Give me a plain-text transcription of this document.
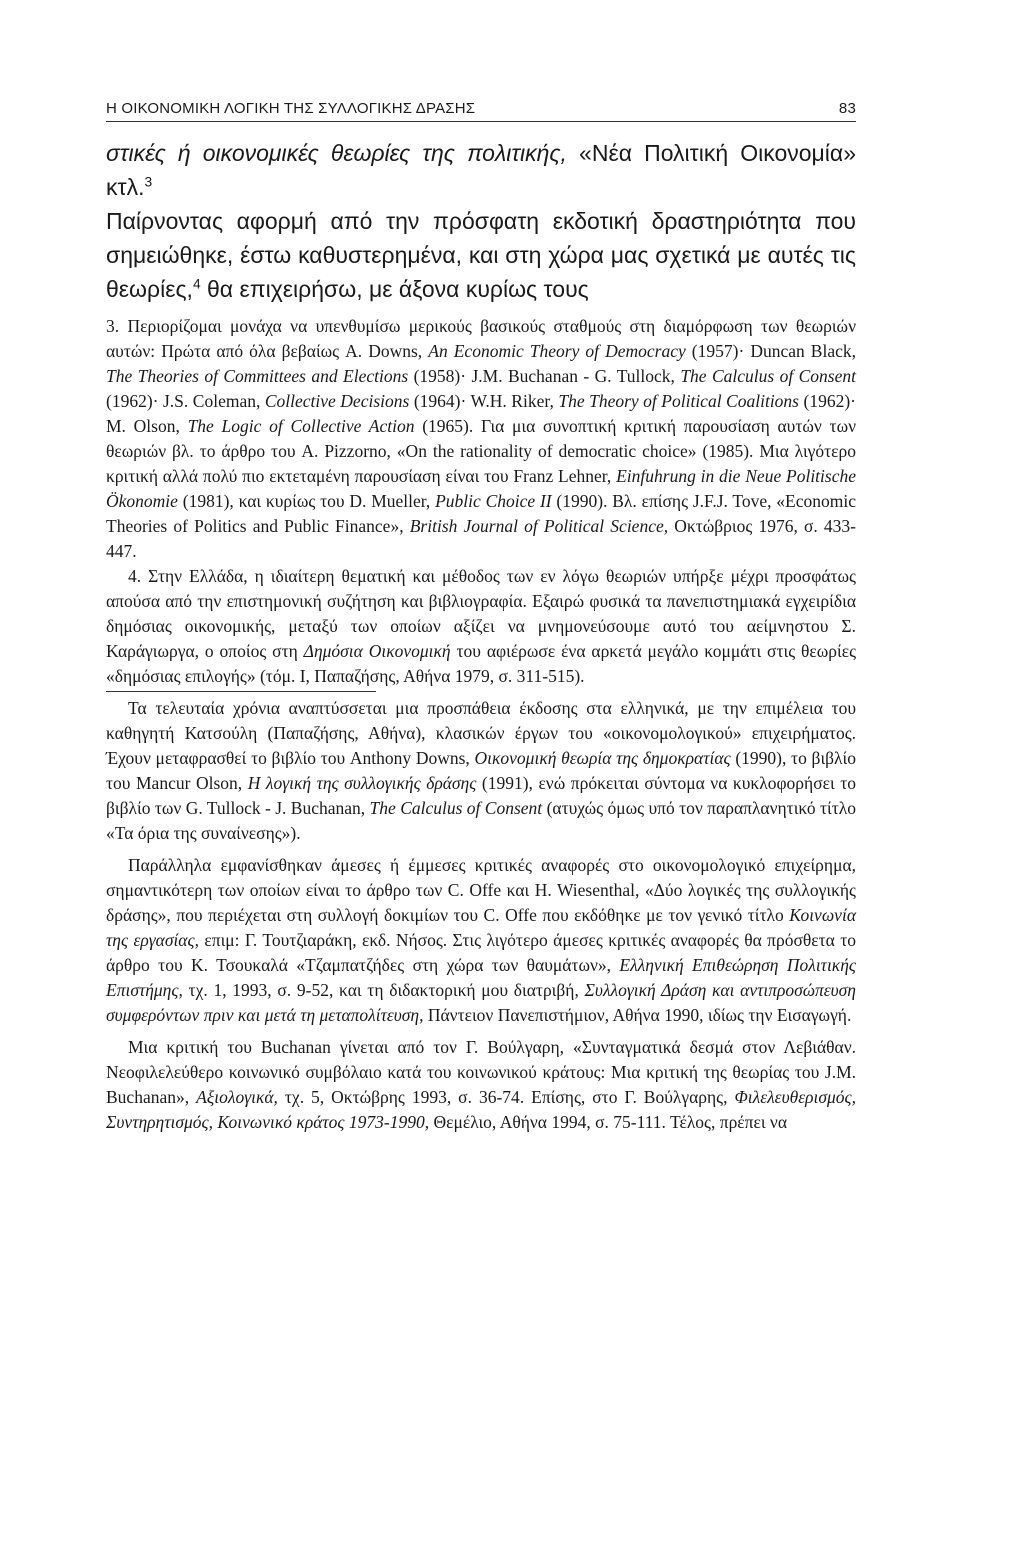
Η ΟΙΚΟΝΟΜΙΚΗ ΛΟΓΙΚΗ ΤΗΣ ΣΥΛΛΟΓΙΚΗΣ ΔΡΑΣΗΣ	83

στικές ή οικονομικές θεωρίες της πολιτικής, «Νέα Πολιτική Οικονομία» κτλ.$^3$

Παίρνοντας αφορμή από την πρόσφατη εκδοτική δραστηριότητα που σημειώθηκε, έστω καθυστερημένα, και στη χώρα μας σχετικά με αυτές τις θεωρίες,$^4$ θα επιχειρήσω, με άξονα κυρίως τους

3. Περιορίζομαι μονάχα να υπενθυμίσω μερικούς βασικούς σταθμούς στη διαμόρφωση των θεωριών αυτών: Πρώτα από όλα βεβαίως A. Downs, An Economic Theory of Democracy (1957)· Duncan Black, The Theories of Committees and Elections (1958)· J.M. Buchanan - G. Tullock, The Calculus of Consent (1962)· J.S. Coleman, Collective Decisions (1964)· W.H. Riker, The Theory of Political Coalitions (1962)· M. Olson, The Logic of Collective Action (1965). Για μια συνοπτική κριτική παρουσίαση αυτών των θεωριών βλ. το άρθρο του A. Pizzorno, «On the rationality of democratic choice» (1985). Μια λιγότερο κριτική αλλά πολύ πιο εκτεταμένη παρουσίαση είναι του Franz Lehner, Einfuhrung in die Neue Politische Ökonomie (1981), και κυρίως του D. Mueller, Public Choice II (1990). Βλ. επίσης J.F.J. Tove, «Economic Theories of Politics and Public Finance», British Journal of Political Science, Οκτώβριος 1976, σ. 433-447.

4. Στην Ελλάδα, η ιδιαίτερη θεματική και μέθοδος των εν λόγω θεωριών υπήρξε μέχρι προσφάτως απούσα από την επιστημονική συζήτηση και βιβλιογραφία. Εξαιρώ φυσικά τα πανεπιστημιακά εγχειρίδια δημόσιας οικονομικής, μεταξύ των οποίων αξίζει να μνημονεύσουμε αυτό του αείμνηστου Σ. Καράγιωργα, ο οποίος στη Δημόσια Οικονομική του αφιέρωσε ένα αρκετά μεγάλο κομμάτι στις θεωρίες «δημόσιας επιλογής» (τόμ. Ι, Παπαζήσης, Αθήνα 1979, σ. 311-515).

Τα τελευταία χρόνια αναπτύσσεται μια προσπάθεια έκδοσης στα ελληνικά, με την επιμέλεια του καθηγητή Κατσούλη (Παπαζήσης, Αθήνα), κλασικών έργων του «οικονομολογικού» επιχειρήματος. Έχουν μεταφρασθεί το βιβλίο του Anthony Downs, Οικονομική θεωρία της δημοκρατίας (1990), το βιβλίο του Mancur Olson, Η λογική της συλλογικής δράσης (1991), ενώ πρόκειται σύντομα να κυκλοφορήσει το βιβλίο των G. Tullock - J. Buchanan, The Calculus of Consent (ατυχώς όμως υπό τον παραπλανητικό τίτλο «Τα όρια της συναίνεσης»).

Παράλληλα εμφανίσθηκαν άμεσες ή έμμεσες κριτικές αναφορές στο οικονομολογικό επιχείρημα, σημαντικότερη των οποίων είναι το άρθρο των C. Offe και H. Wiesenthal, «Δύο λογικές της συλλογικής δράσης», που περιέχεται στη συλλογή δοκιμίων του C. Offe που εκδόθηκε με τον γενικό τίτλο Κοινωνία της εργασίας, επιμ: Γ. Τουτζιαράκη, εκδ. Νήσος. Στις λιγότερο άμεσες κριτικές αναφορές θα πρόσθετα το άρθρο του Κ. Τσουκαλά «Τζαμπατζήδες στη χώρα των θαυμάτων», Ελληνική Επιθεώρηση Πολιτικής Επιστήμης, τχ. 1, 1993, σ. 9-52, και τη διδακτορική μου διατριβή, Συλλογική Δράση και αντιπροσώπευση συμφερόντων πριν και μετά τη μεταπολίτευση, Πάντειον Πανεπιστήμιον, Αθήνα 1990, ιδίως την Εισαγωγή.

Μια κριτική του Buchanan γίνεται από τον Γ. Βούλγαρη, «Συνταγματικά δεσμά στον Λεβιάθαν. Νεοφιλελεύθερο κοινωνικό συμβόλαιο κατά του κοινωνικού κράτους: Μια κριτική της θεωρίας του J.M. Buchanan», Αξιολογικά, τχ. 5, Οκτώβρης 1993, σ. 36-74. Επίσης, στο Γ. Βούλγαρης, Φιλελευθερισμός, Συντηρητισμός, Κοινωνικό κράτος 1973-1990, Θεμέλιο, Αθήνα 1994, σ. 75-111. Τέλος, πρέπει να
